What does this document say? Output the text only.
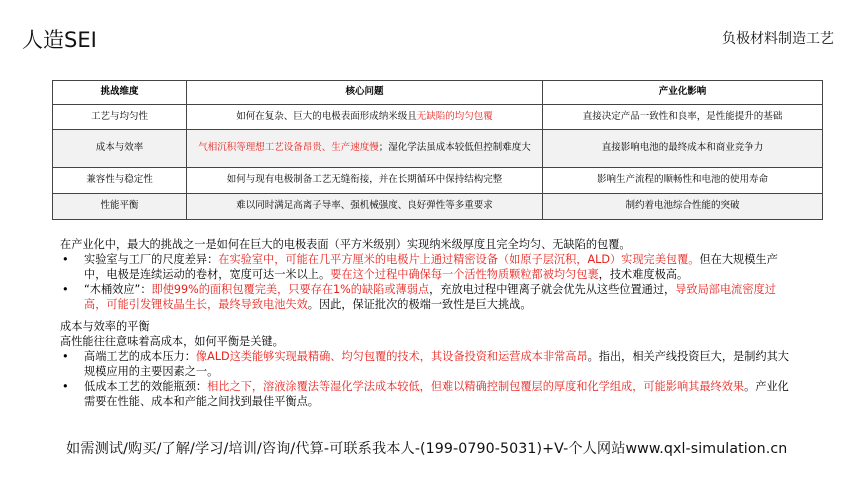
人造SEI	负极材料制造工艺
挑战维度	核心问题	产业化影响
工艺与均匀性	如何在复杂、巨大的电极表面形成纳米级且无缺陷的均匀包覆	直接决定产品一致性和良率，是性能提升的基础
成本与效率	气相沉积等理想工艺设备昂贵、生产速度慢；湿化学法虽成本较低但控制难度大	直接影响电池的最终成本和商业竞争力
兼容性与稳定性	如何与现有电极制备工艺无缝衔接，并在长期循环中保持结构完整	影响生产流程的顺畅性和电池的使用寿命
性能平衡	难以同时满足高离子导率、强机械强度、良好弹性等多重要求	制约着电池综合性能的突破

在产业化中，最大的挑战之一是如何在巨大的电极表面（平方米级别）实现纳米级厚度且完全均匀、无缺陷的包覆。

• 实验室与工厂的尺度差异：在实验室中，可能在几平方厘米的电极片上通过精密设备（如原子层沉积，ALD）实现完美包覆。但在大规模生产中，电极是连续运动的卷材，宽度可达一米以上。要在这个过程中确保每一个活性物质颗粒都被均匀包裹，技术难度极高。
• “木桶效应”：即使99%的面积包覆完美，只要存在1%的缺陷或薄弱点，充放电过程中锂离子就会优先从这些位置通过，导致局部电流密度过高，可能引发锂枝晶生长，最终导致电池失效。因此，保证批次的极端一致性是巨大挑战。

成本与效率的平衡

高性能往往意味着高成本，如何平衡是关键。

• 高端工艺的成本压力：像ALD这类能够实现最精确、均匀包覆的技术，其设备投资和运营成本非常高昂。指出，相关产线投资巨大，是制约其大规模应用的主要因素之一。
• 低成本工艺的效能瓶颈：相比之下，溶液涂覆法等湿化学法成本较低，但难以精确控制包覆层的厚度和化学组成，可能影响其最终效果。产业化需要在性能、成本和产能之间找到最佳平衡点。
如需测试/购买/了解/学习/培训/咨询/代算-可联系我本人-(199-0790-5031)+V-个人网站www.qxl-simulation.cn
